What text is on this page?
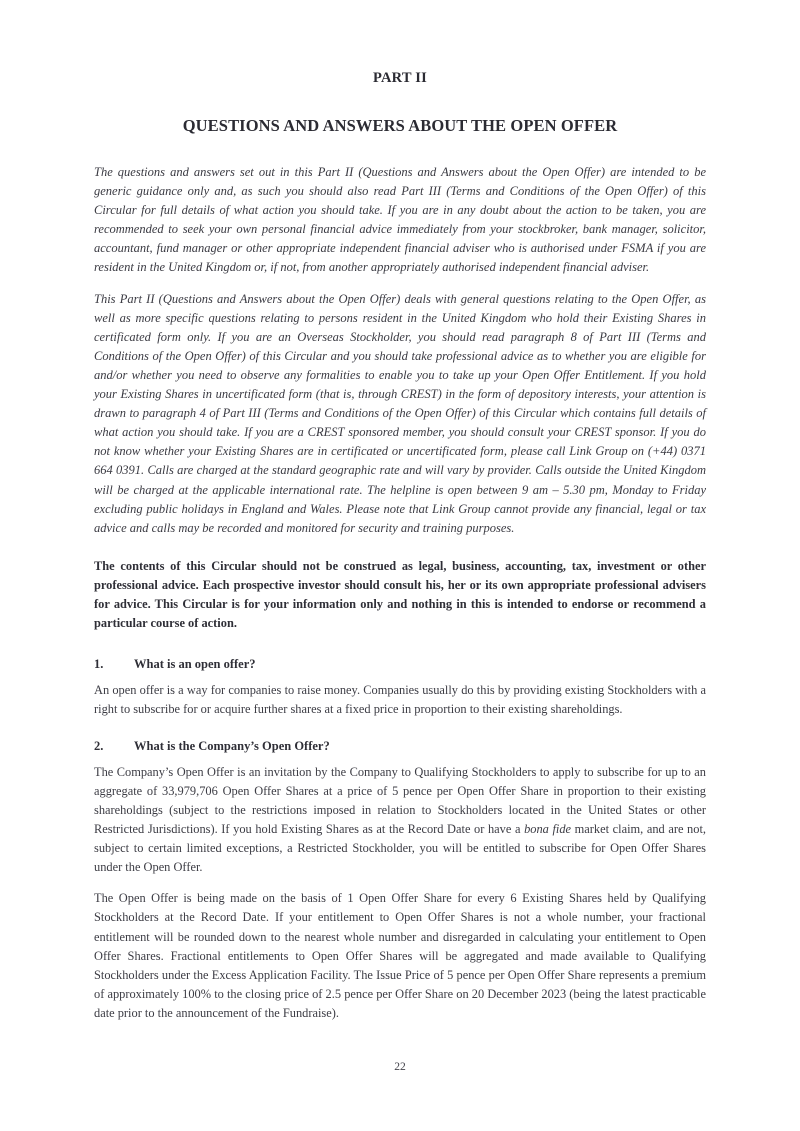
PART II
QUESTIONS AND ANSWERS ABOUT THE OPEN OFFER

The questions and answers set out in this Part II (Questions and Answers about the Open Offer) are intended to be generic guidance only and, as such you should also read Part III (Terms and Conditions of the Open Offer) of this Circular for full details of what action you should take. If you are in any doubt about the action to be taken, you are recommended to seek your own personal financial advice immediately from your stockbroker, bank manager, solicitor, accountant, fund manager or other appropriate independent financial adviser who is authorised under FSMA if you are resident in the United Kingdom or, if not, from another appropriately authorised independent financial adviser.

This Part II (Questions and Answers about the Open Offer) deals with general questions relating to the Open Offer, as well as more specific questions relating to persons resident in the United Kingdom who hold their Existing Shares in certificated form only. If you are an Overseas Stockholder, you should read paragraph 8 of Part III (Terms and Conditions of the Open Offer) of this Circular and you should take professional advice as to whether you are eligible for and/or whether you need to observe any formalities to enable you to take up your Open Offer Entitlement. If you hold your Existing Shares in uncertificated form (that is, through CREST) in the form of depository interests, your attention is drawn to paragraph 4 of Part III (Terms and Conditions of the Open Offer) of this Circular which contains full details of what action you should take. If you are a CREST sponsored member, you should consult your CREST sponsor. If you do not know whether your Existing Shares are in certificated or uncertificated form, please call Link Group on (+44) 0371 664 0391. Calls are charged at the standard geographic rate and will vary by provider. Calls outside the United Kingdom will be charged at the applicable international rate. The helpline is open between 9 am – 5.30 pm, Monday to Friday excluding public holidays in England and Wales. Please note that Link Group cannot provide any financial, legal or tax advice and calls may be recorded and monitored for security and training purposes.

The contents of this Circular should not be construed as legal, business, accounting, tax, investment or other professional advice. Each prospective investor should consult his, her or its own appropriate professional advisers for advice. This Circular is for your information only and nothing in this is intended to endorse or recommend a particular course of action.

1.	What is an open offer?

An open offer is a way for companies to raise money. Companies usually do this by providing existing Stockholders with a right to subscribe for or acquire further shares at a fixed price in proportion to their existing shareholdings.

2.	What is the Company’s Open Offer?

The Company’s Open Offer is an invitation by the Company to Qualifying Stockholders to apply to subscribe for up to an aggregate of 33,979,706 Open Offer Shares at a price of 5 pence per Open Offer Share in proportion to their existing shareholdings (subject to the restrictions imposed in relation to Stockholders located in the United States or other Restricted Jurisdictions). If you hold Existing Shares as at the Record Date or have a bona fide market claim, and are not, subject to certain limited exceptions, a Restricted Stockholder, you will be entitled to subscribe for Open Offer Shares under the Open Offer.

The Open Offer is being made on the basis of 1 Open Offer Share for every 6 Existing Shares held by Qualifying Stockholders at the Record Date. If your entitlement to Open Offer Shares is not a whole number, your fractional entitlement will be rounded down to the nearest whole number and disregarded in calculating your entitlement to Open Offer Shares. Fractional entitlements to Open Offer Shares will be aggregated and made available to Qualifying Stockholders under the Excess Application Facility. The Issue Price of 5 pence per Open Offer Share represents a premium of approximately 100% to the closing price of 2.5 pence per Offer Share on 20 December 2023 (being the latest practicable date prior to the announcement of the Fundraise).

22
